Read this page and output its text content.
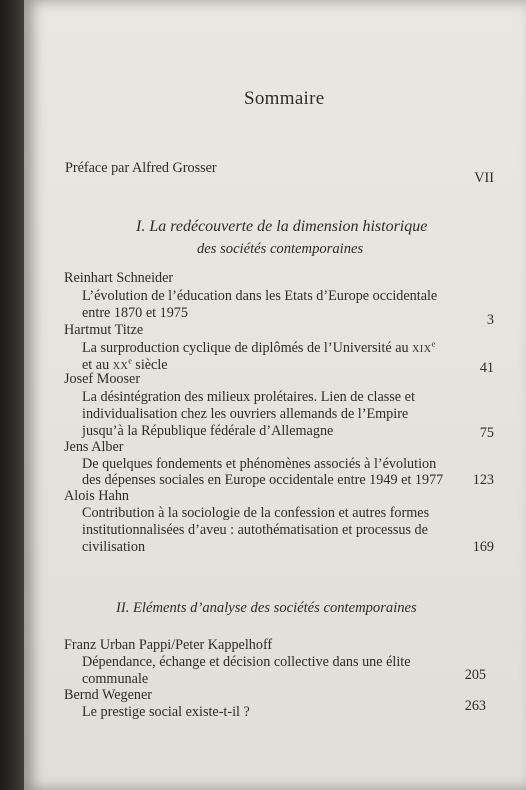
Sommaire
Préface par Alfred Grosser
VII
I. La redécouverte de la dimension historique
des sociétés contemporaines
Reinhart Schneider
L’évolution de l’éducation dans les Etats d’Europe occidentale
entre 1870 et 1975	3
Hartmut Titze
La surproduction cyclique de diplômés de l’Université au xix$^e$
et au $xx^e$ siècle	41
Josef Mooser
La désintégration des milieux prolétaires. Lien de classe et
individualisation chez les ouvriers allemands de l’Empire
jusqu’à la République fédérale d’Allemagne	75
Jens Alber
De quelques fondements et phénomènes associés à l’évolution
des dépenses sociales en Europe occidentale entre 1949 et 1977 123
Alois Hahn
Contribution à la sociologie de la confession et autres formes
institutionnalisées d’aveu : autothématisation et processus de
civilisation	169
II. Eléments d’analyse des sociétés contemporaines
Franz Urban Pappi/Peter Kappelhoff
Dépendance, échange et décision collective dans une élite
communale	205
Bernd Wegener
Le prestige social existe-t-il ?	263
